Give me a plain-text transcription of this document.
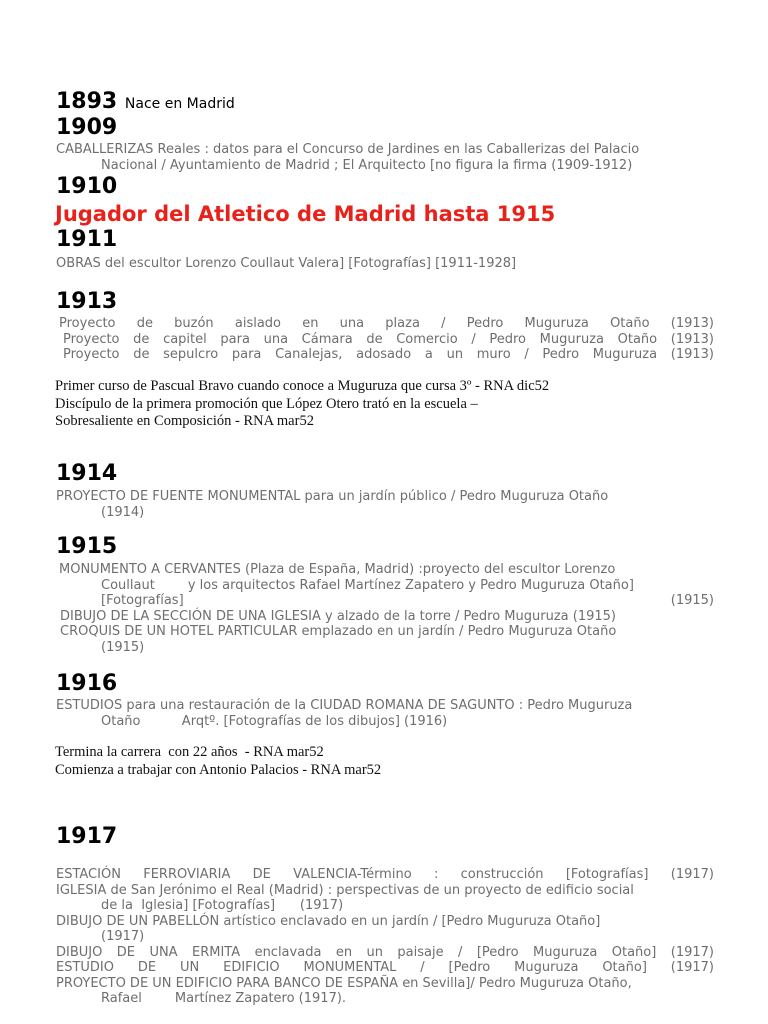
1893 Nace en Madrid
1909
CABALLERIZAS Reales : datos para el Concurso de Jardines en las Caballerizas del Palacio
Nacional / Ayuntamiento de Madrid ; El Arquitecto [no figura la firma (1909-1912)
1910
Jugador del Atletico de Madrid hasta 1915
1911
OBRAS del escultor Lorenzo Coullaut Valera] [Fotografías] [1911-1928]
1913
Proyecto de buzón aislado en una plaza / Pedro Muguruza Otaño (1913)
Proyecto de capitel para una Cámara de Comercio / Pedro Muguruza Otaño (1913)
Proyecto de sepulcro para Canalejas, adosado a un muro / Pedro Muguruza (1913)
Primer curso de Pascual Bravo cuando conoce a Muguruza que cursa 3º - RNA dic52
Discípulo de la primera promoción que López Otero trató en la escuela –
Sobresaliente en Composición - RNA mar52
1914
PROYECTO DE FUENTE MONUMENTAL para un jardín público / Pedro Muguruza Otaño
(1914)
1915
MONUMENTO A CERVANTES (Plaza de España, Madrid) :proyecto del escultor Lorenzo
Coullaut        y los arquitectos Rafael Martínez Zapatero y Pedro Muguruza Otaño]
[Fotografías]	(1915)
DIBUJO DE LA SECCIÓN DE UNA IGLESIA y alzado de la torre / Pedro Muguruza (1915)
CROQUIS DE UN HOTEL PARTICULAR emplazado en un jardín / Pedro Muguruza Otaño
(1915)
1916
ESTUDIOS para una restauración de la CIUDAD ROMANA DE SAGUNTO : Pedro Muguruza
Otaño          Arqtº. [Fotografías de los dibujos] (1916)
Termina la carrera  con 22 años  - RNA mar52
Comienza a trabajar con Antonio Palacios - RNA mar52
1917
ESTACIÓN FERROVIARIA DE VALENCIA-Término : construcción [Fotografías] (1917)
IGLESIA de San Jerónimo el Real (Madrid) : perspectivas de un proyecto de edificio social
de la  Iglesia] [Fotografías]      (1917)
DIBUJO DE UN PABELLÓN artístico enclavado en un jardín / [Pedro Muguruza Otaño]
(1917)
DIBUJO DE UNA ERMITA enclavada en un paisaje / [Pedro Muguruza Otaño] (1917)
ESTUDIO DE UN EDIFICIO MONUMENTAL / [Pedro Muguruza Otaño] (1917)
PROYECTO DE UN EDIFICIO PARA BANCO DE ESPAÑA en Sevilla]/ Pedro Muguruza Otaño,
Rafael        Martínez Zapatero (1917).
